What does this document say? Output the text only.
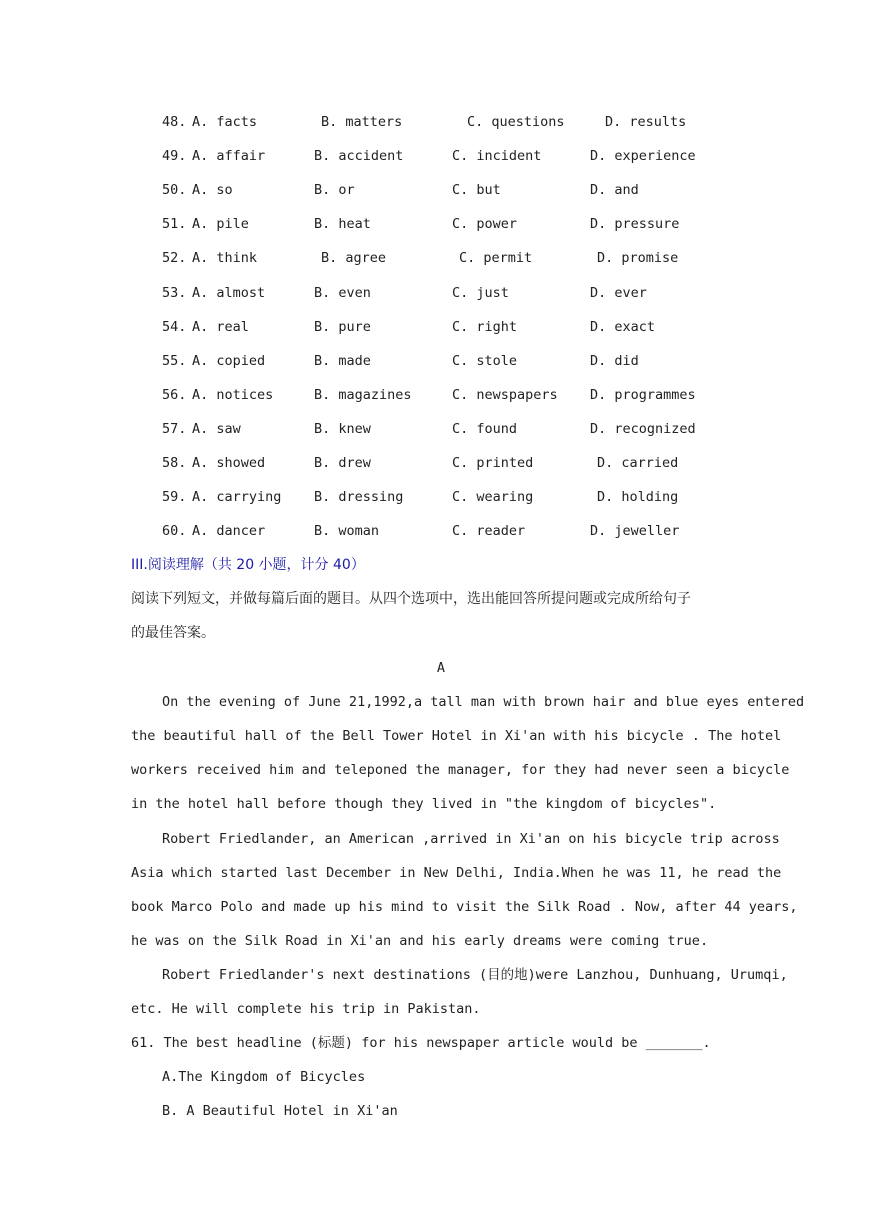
48.

A. facts

	B. matters

	C. questions

	D. results

49.

A. affair

	B. accident

	C. incident

	D. experience

50.

A. so

	B. or

	C. but

	D. and

51.

A. pile

	B. heat

	C. power

	D. pressure

52.

A. think

	B. agree

	C. permit

	D. promise

53.

A. almost

	B. even

	C. just

	D. ever

54.

A. real

	B. pure

	C. right

	D. exact

55.

A. copied

	B. made

	C. stole

	D. did

56.

A. notices

	B. magazines

	C. newspapers

D. programmes

57.

A. saw

	B. knew

	C. found

	D. recognized

58.

A. showed

	B. drew

	C. printed

	D. carried

59.

A. carrying

B. dressing

	C. wearing

	D. holding

60.

A. dancer

	B. woman

	C. reader

	D. jeweller

III.阅读理解（共 20 小题，计分 40）
阅读下列短文，并做每篇后面的题目。从四个选项中，选出能回答所提问题或完成所给句子
的最佳答案。
A
On the evening of June 21,1992,a tall man with brown hair and blue eyes entered
the beautiful hall of the Bell Tower Hotel in Xi'an with his bicycle . The hotel
workers received him and teleponed the manager, for they had never seen a bicycle
in the hotel hall before though they lived in "the kingdom of bicycles".
Robert Friedlander, an American ,arrived in Xi'an on his bicycle trip across
Asia which started last December in New Delhi, India.When he was 11, he read the
book Marco Polo and made up his mind to visit the Silk Road . Now, after 44 years,
he was on the Silk Road in Xi'an and his early dreams were coming true.
Robert Friedlander's next destinations (目的地)were Lanzhou, Dunhuang, Urumqi,
etc. He will complete his trip in Pakistan.
61. The best headline (标题) for his newspaper article would be _______.
A.The Kingdom of Bicycles
B. A Beautiful Hotel in Xi'an
